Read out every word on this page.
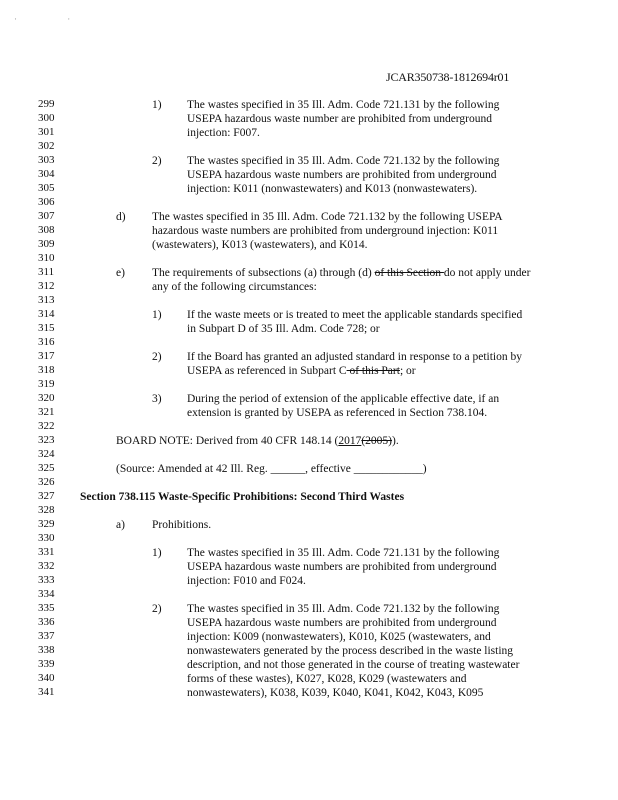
· ·
JCAR350738-1812694r01
299
300
301
302
303
304
305
306
307
308
309
310
311
312
313
314
315
316
317
318
319
320
321
322
323
324
325
326
327
328
329
330
331
332
333
334
335
336
337
338
339
340
341
1) The wastes specified in 35 Ill. Adm. Code 721.131 by the following
USEPA hazardous waste number are prohibited from underground
injection: F007.
2) The wastes specified in 35 Ill. Adm. Code 721.132 by the following
USEPA hazardous waste numbers are prohibited from underground
injection: K011 (nonwastewaters) and K013 (nonwastewaters).
d) The wastes specified in 35 Ill. Adm. Code 721.132 by the following USEPA
hazardous waste numbers are prohibited from underground injection: K011
(wastewaters), K013 (wastewaters), and K014.
e) The requirements of subsections (a) through (d) of this Section do not apply under
any of the following circumstances:
1) If the waste meets or is treated to meet the applicable standards specified
in Subpart D of 35 Ill. Adm. Code 728; or
2) If the Board has granted an adjusted standard in response to a petition by
USEPA as referenced in Subpart C of this Part; or
3) During the period of extension of the applicable effective date, if an
extension is granted by USEPA as referenced in Section 738.104.
BOARD NOTE: Derived from 40 CFR 148.14 (2017(2005)).
(Source: Amended at 42 Ill. Reg. ______, effective ____________)
Section 738.115 Waste-Specific Prohibitions: Second Third Wastes
a) Prohibitions.
1) The wastes specified in 35 Ill. Adm. Code 721.131 by the following
USEPA hazardous waste numbers are prohibited from underground
injection: F010 and F024.
2) The wastes specified in 35 Ill. Adm. Code 721.132 by the following
USEPA hazardous waste numbers are prohibited from underground
injection: K009 (nonwastewaters), K010, K025 (wastewaters, and
nonwastewaters generated by the process described in the waste listing
description, and not those generated in the course of treating wastewater
forms of these wastes), K027, K028, K029 (wastewaters and
nonwastewaters), K038, K039, K040, K041, K042, K043, K095
